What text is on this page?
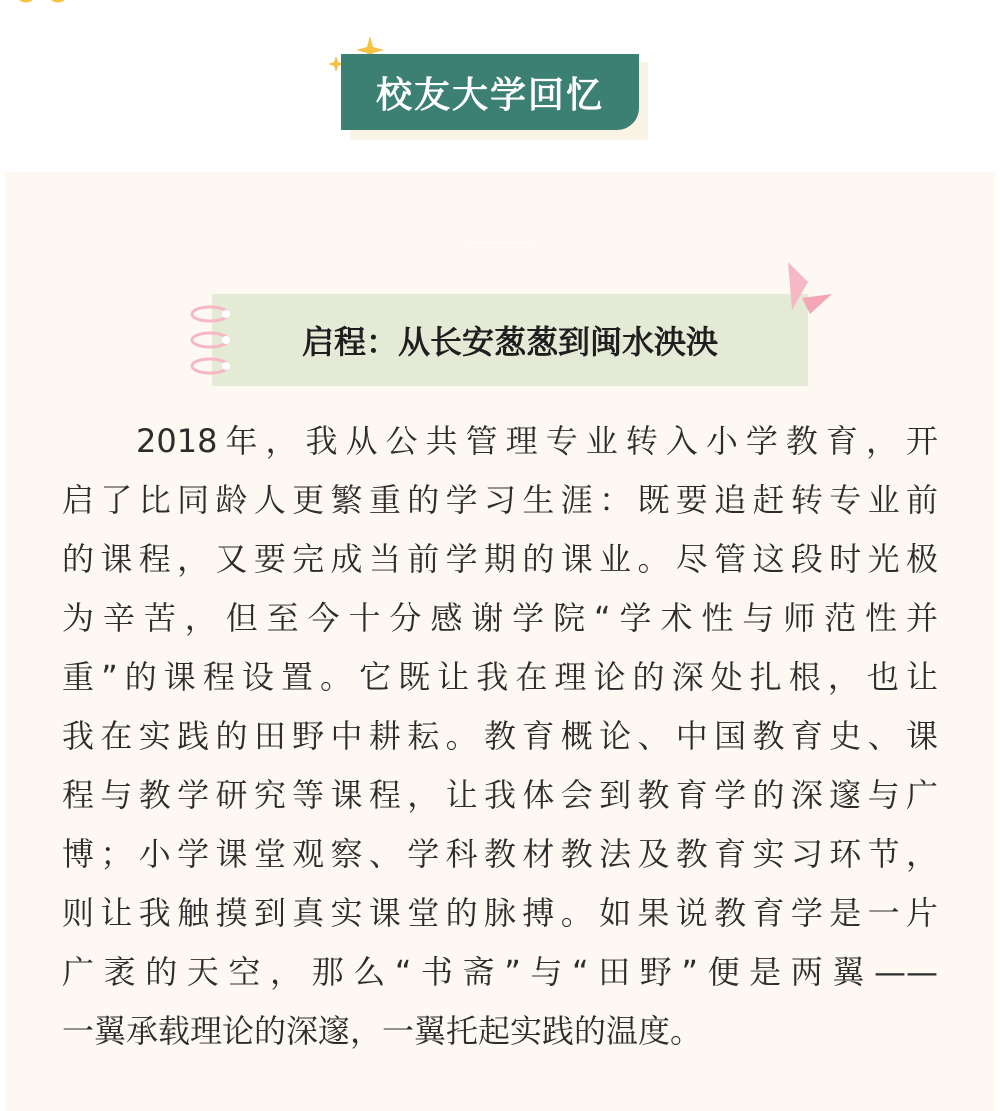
校友大学回忆
启程：从长安葱葱到闽水泱泱
2018年，我从公共管理专业转入小学教育，开
启了比同龄人更繁重的学习生涯：既要追赶转专业前
的课程，又要完成当前学期的课业。尽管这段时光极
为辛苦，但至今十分感谢学院“学术性与师范性并
重”的课程设置。它既让我在理论的深处扎根，也让
我在实践的田野中耕耘。教育概论、中国教育史、课
程与教学研究等课程，让我体会到教育学的深邃与广
博；小学课堂观察、学科教材教法及教育实习环节，
则让我触摸到真实课堂的脉搏。如果说教育学是一片
广袤的天空，那么“书斋”与“田野”便是两翼——
一翼承载理论的深邃，一翼托起实践的温度。
